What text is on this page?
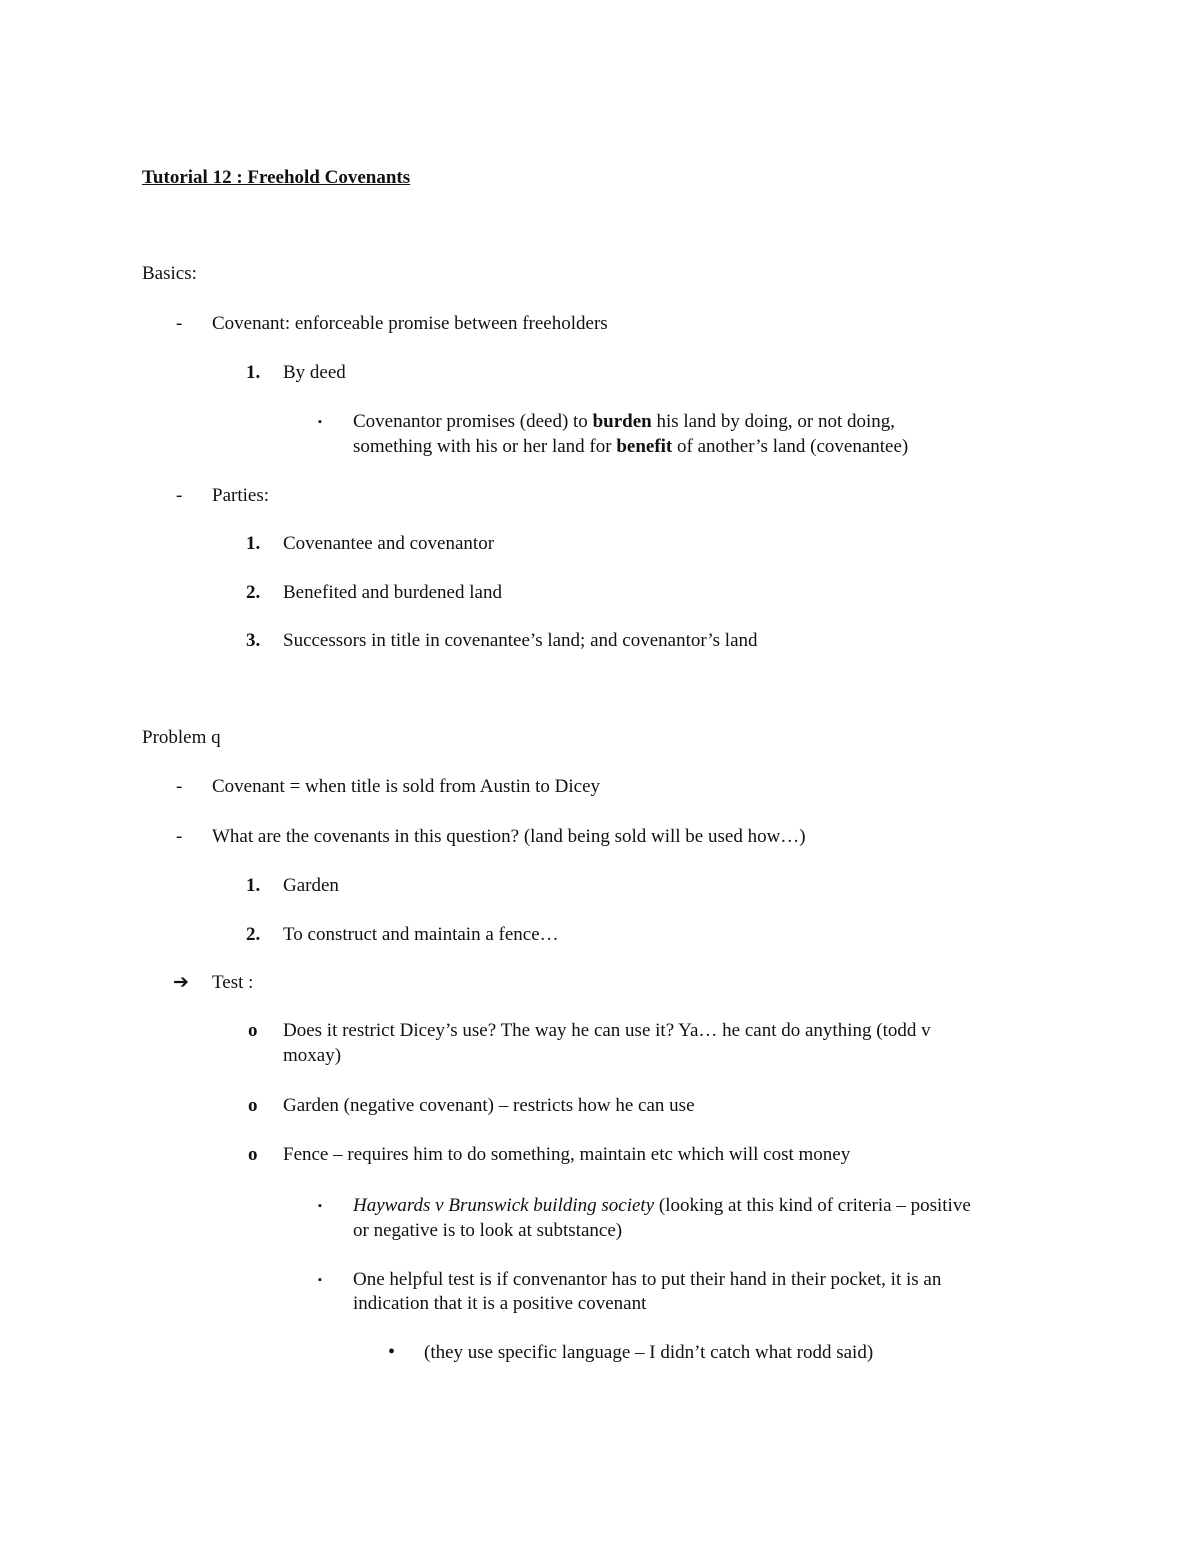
Tutorial 12 : Freehold Covenants
Basics:
- Covenant: enforceable promise between freeholders
1. By deed
▪ Covenantor promises (deed) to burden his land by doing, or not doing,
something with his or her land for benefit of another’s land (covenantee)
- Parties:
1. Covenantee and covenantor
2. Benefited and burdened land
3. Successors in title in covenantee’s land; and covenantor’s land
Problem q
- Covenant = when title is sold from Austin to Dicey
- What are the covenants in this question? (land being sold will be used how…)
1. Garden
2. To construct and maintain a fence…
➔ Test :
o Does it restrict Dicey’s use? The way he can use it? Ya… he cant do anything (todd v
moxay)
o Garden (negative covenant) – restricts how he can use
o Fence – requires him to do something, maintain etc which will cost money
▪ Haywards v Brunswick building society (looking at this kind of criteria – positive
or negative is to look at subtstance)
▪ One helpful test is if convenantor has to put their hand in their pocket, it is an
indication that it is a positive covenant
• (they use specific language – I didn’t catch what rodd said)
